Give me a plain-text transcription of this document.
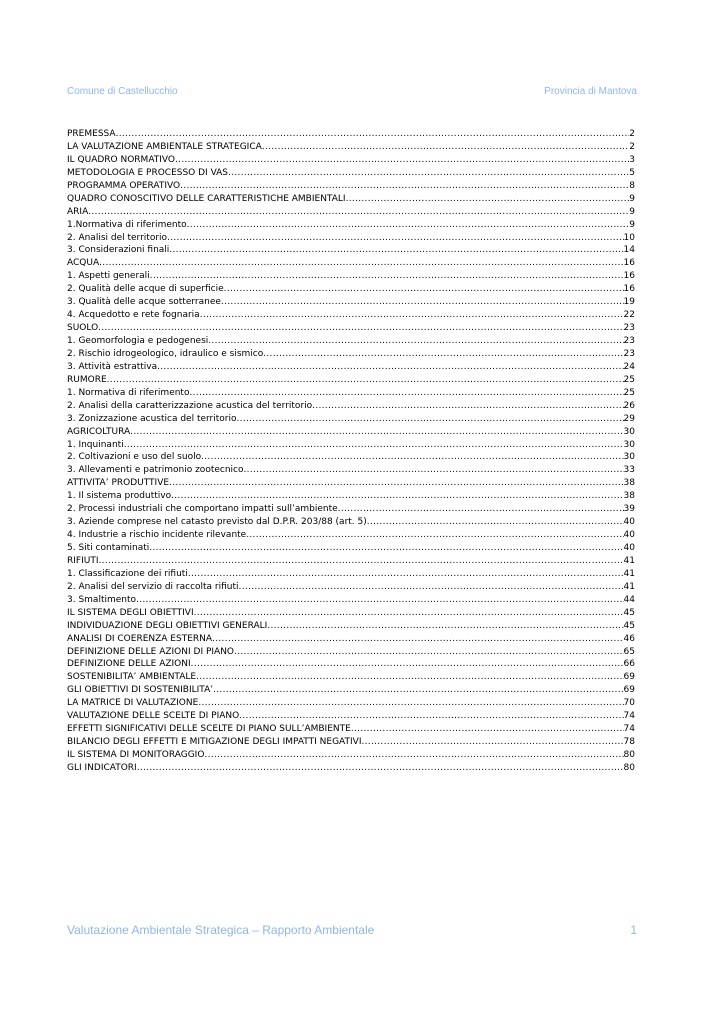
Comune di Castellucchio	Provincia di Mantova
PREMESSA .....	2
LA VALUTAZIONE AMBIENTALE STRATEGICA .....	2
IL QUADRO NORMATIVO .....	3
METODOLOGIA E PROCESSO DI VAS .....	5
PROGRAMMA OPERATIVO .....	8
QUADRO CONOSCITIVO DELLE CARATTERISTICHE AMBIENTALI .....	9
ARIA .....	9
1.Normativa di riferimento .....	9
2. Analisi del territorio .....	10
3. Considerazioni finali .....	14
ACQUA .....	16
1. Aspetti generali .....	16
2. Qualità delle acque di superficie .....	16
3. Qualità delle acque sotterranee .....	19
4. Acquedotto e rete fognaria .....	22
SUOLO .....	23
1. Geomorfologia e pedogenesi .....	23
2. Rischio idrogeologico, idraulico e sismico .....	23
3. Attività estrattiva .....	24
RUMORE .....	25
1. Normativa di riferimento .....	25
2. Analisi della caratterizzazione acustica del territorio .....	26
3. Zonizzazione acustica del territorio .....	29
AGRICOLTURA .....	30
1. Inquinanti .....	30
2. Coltivazioni e uso del suolo .....	30
3. Allevamenti e patrimonio zootecnico .....	33
ATTIVITA’ PRODUTTIVE .....	38
1. Il sistema produttivo .....	38
2. Processi industriali che comportano impatti sull’ambiente .....	39
3. Aziende comprese nel catasto previsto dal D.P.R. 203/88 (art. 5) .....	40
4. Industrie a rischio incidente rilevante .....	40
5. Siti contaminati .....	40
RIFIUTI .....	41
1. Classificazione dei rifiuti .....	41
2. Analisi del servizio di raccolta rifiuti .....	41
3. Smaltimento .....	44
IL SISTEMA DEGLI OBIETTIVI .....	45
INDIVIDUAZIONE DEGLI OBIETTIVI GENERALI .....	45
ANALISI DI COERENZA ESTERNA .....	46
DEFINIZIONE DELLE AZIONI DI PIANO .....	65
DEFINIZIONE DELLE AZIONI .....	66
SOSTENIBILITA’ AMBIENTALE .....	69
GLI OBIETTIVI DI SOSTENIBILITA’ .....	69
LA MATRICE DI VALUTAZIONE .....	70
VALUTAZIONE DELLE SCELTE DI PIANO .....	74
EFFETTI SIGNIFICATIVI DELLE SCELTE DI PIANO SULL’AMBIENTE .....	74
BILANCIO DEGLI EFFETTI E MITIGAZIONE DEGLI IMPATTI NEGATIVI .....	78
IL SISTEMA DI MONITORAGGIO .....	80
GLI INDICATORI .....	80
Valutazione Ambientale Strategica – Rapporto Ambientale	1
